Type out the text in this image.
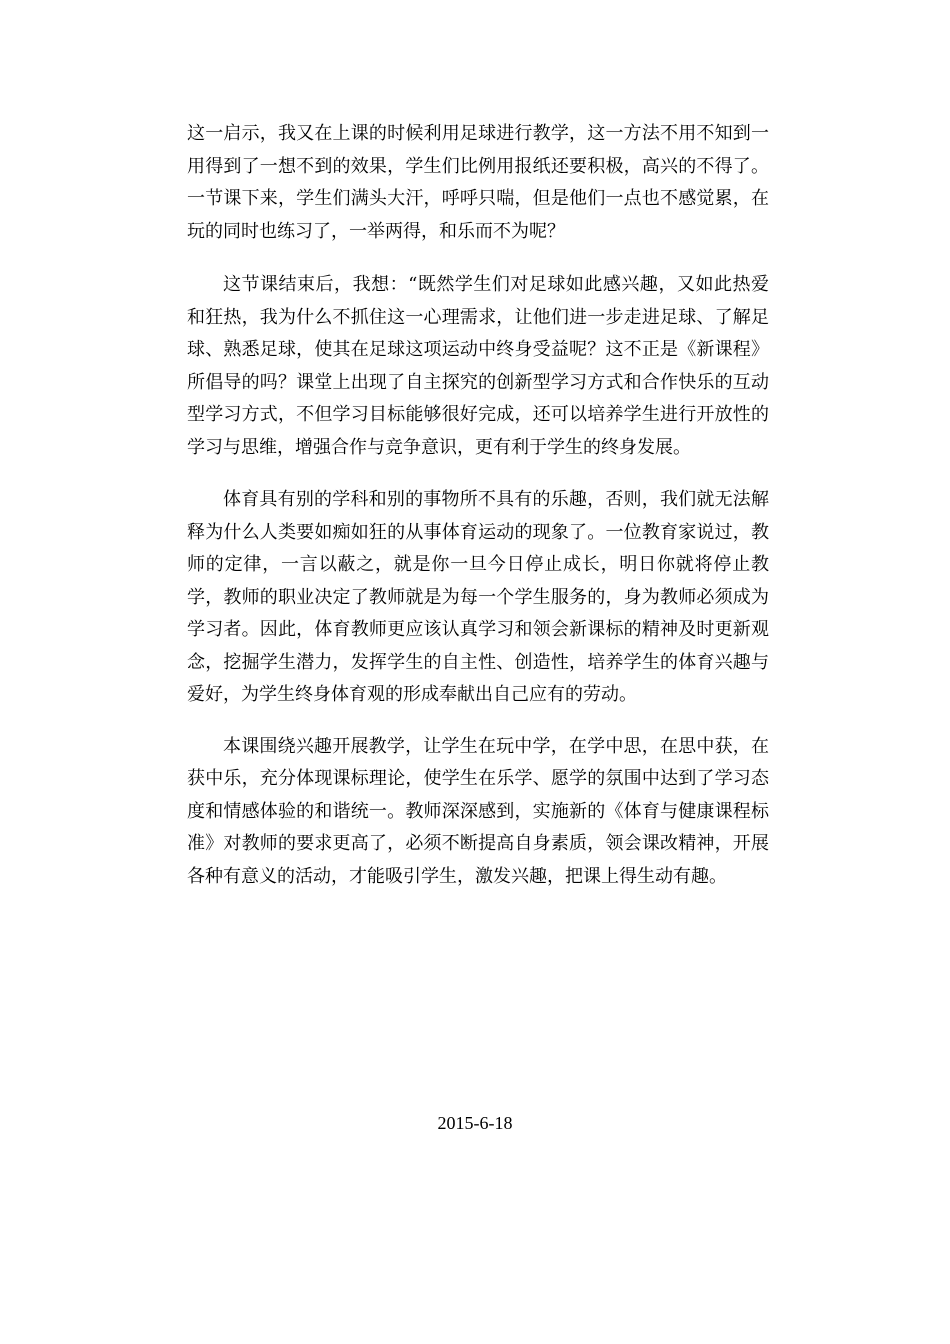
这一启示，我又在上课的时候利用足球进行教学，这一方法不用不知到一用得到了一想不到的效果，学生们比例用报纸还要积极，高兴的不得了。一节课下来，学生们满头大汗，呼呼只喘，但是他们一点也不感觉累，在玩的同时也练习了，一举两得，和乐而不为呢？

这节课结束后，我想：“既然学生们对足球如此感兴趣，又如此热爱和狂热，我为什么不抓住这一心理需求，让他们进一步走进足球、了解足球、熟悉足球，使其在足球这项运动中终身受益呢？这不正是《新课程》所倡导的吗？课堂上出现了自主探究的创新型学习方式和合作快乐的互动型学习方式，不但学习目标能够很好完成，还可以培养学生进行开放性的学习与思维，增强合作与竞争意识，更有利于学生的终身发展。

体育具有别的学科和别的事物所不具有的乐趣，否则，我们就无法解释为什么人类要如痴如狂的从事体育运动的现象了。一位教育家说过，教师的定律，一言以蔽之，就是你一旦今日停止成长，明日你就将停止教学，教师的职业决定了教师就是为每一个学生服务的，身为教师必须成为学习者。因此，体育教师更应该认真学习和领会新课标的精神及时更新观念，挖掘学生潜力，发挥学生的自主性、创造性，培养学生的体育兴趣与爱好，为学生终身体育观的形成奉献出自己应有的劳动。

本课围绕兴趣开展教学，让学生在玩中学，在学中思，在思中获，在获中乐，充分体现课标理论，使学生在乐学、愿学的氛围中达到了学习态度和情感体验的和谐统一。教师深深感到，实施新的《体育与健康课程标准》对教师的要求更高了，必须不断提高自身素质，领会课改精神，开展各种有意义的活动，才能吸引学生，激发兴趣，把课上得生动有趣。

2015-6-18
